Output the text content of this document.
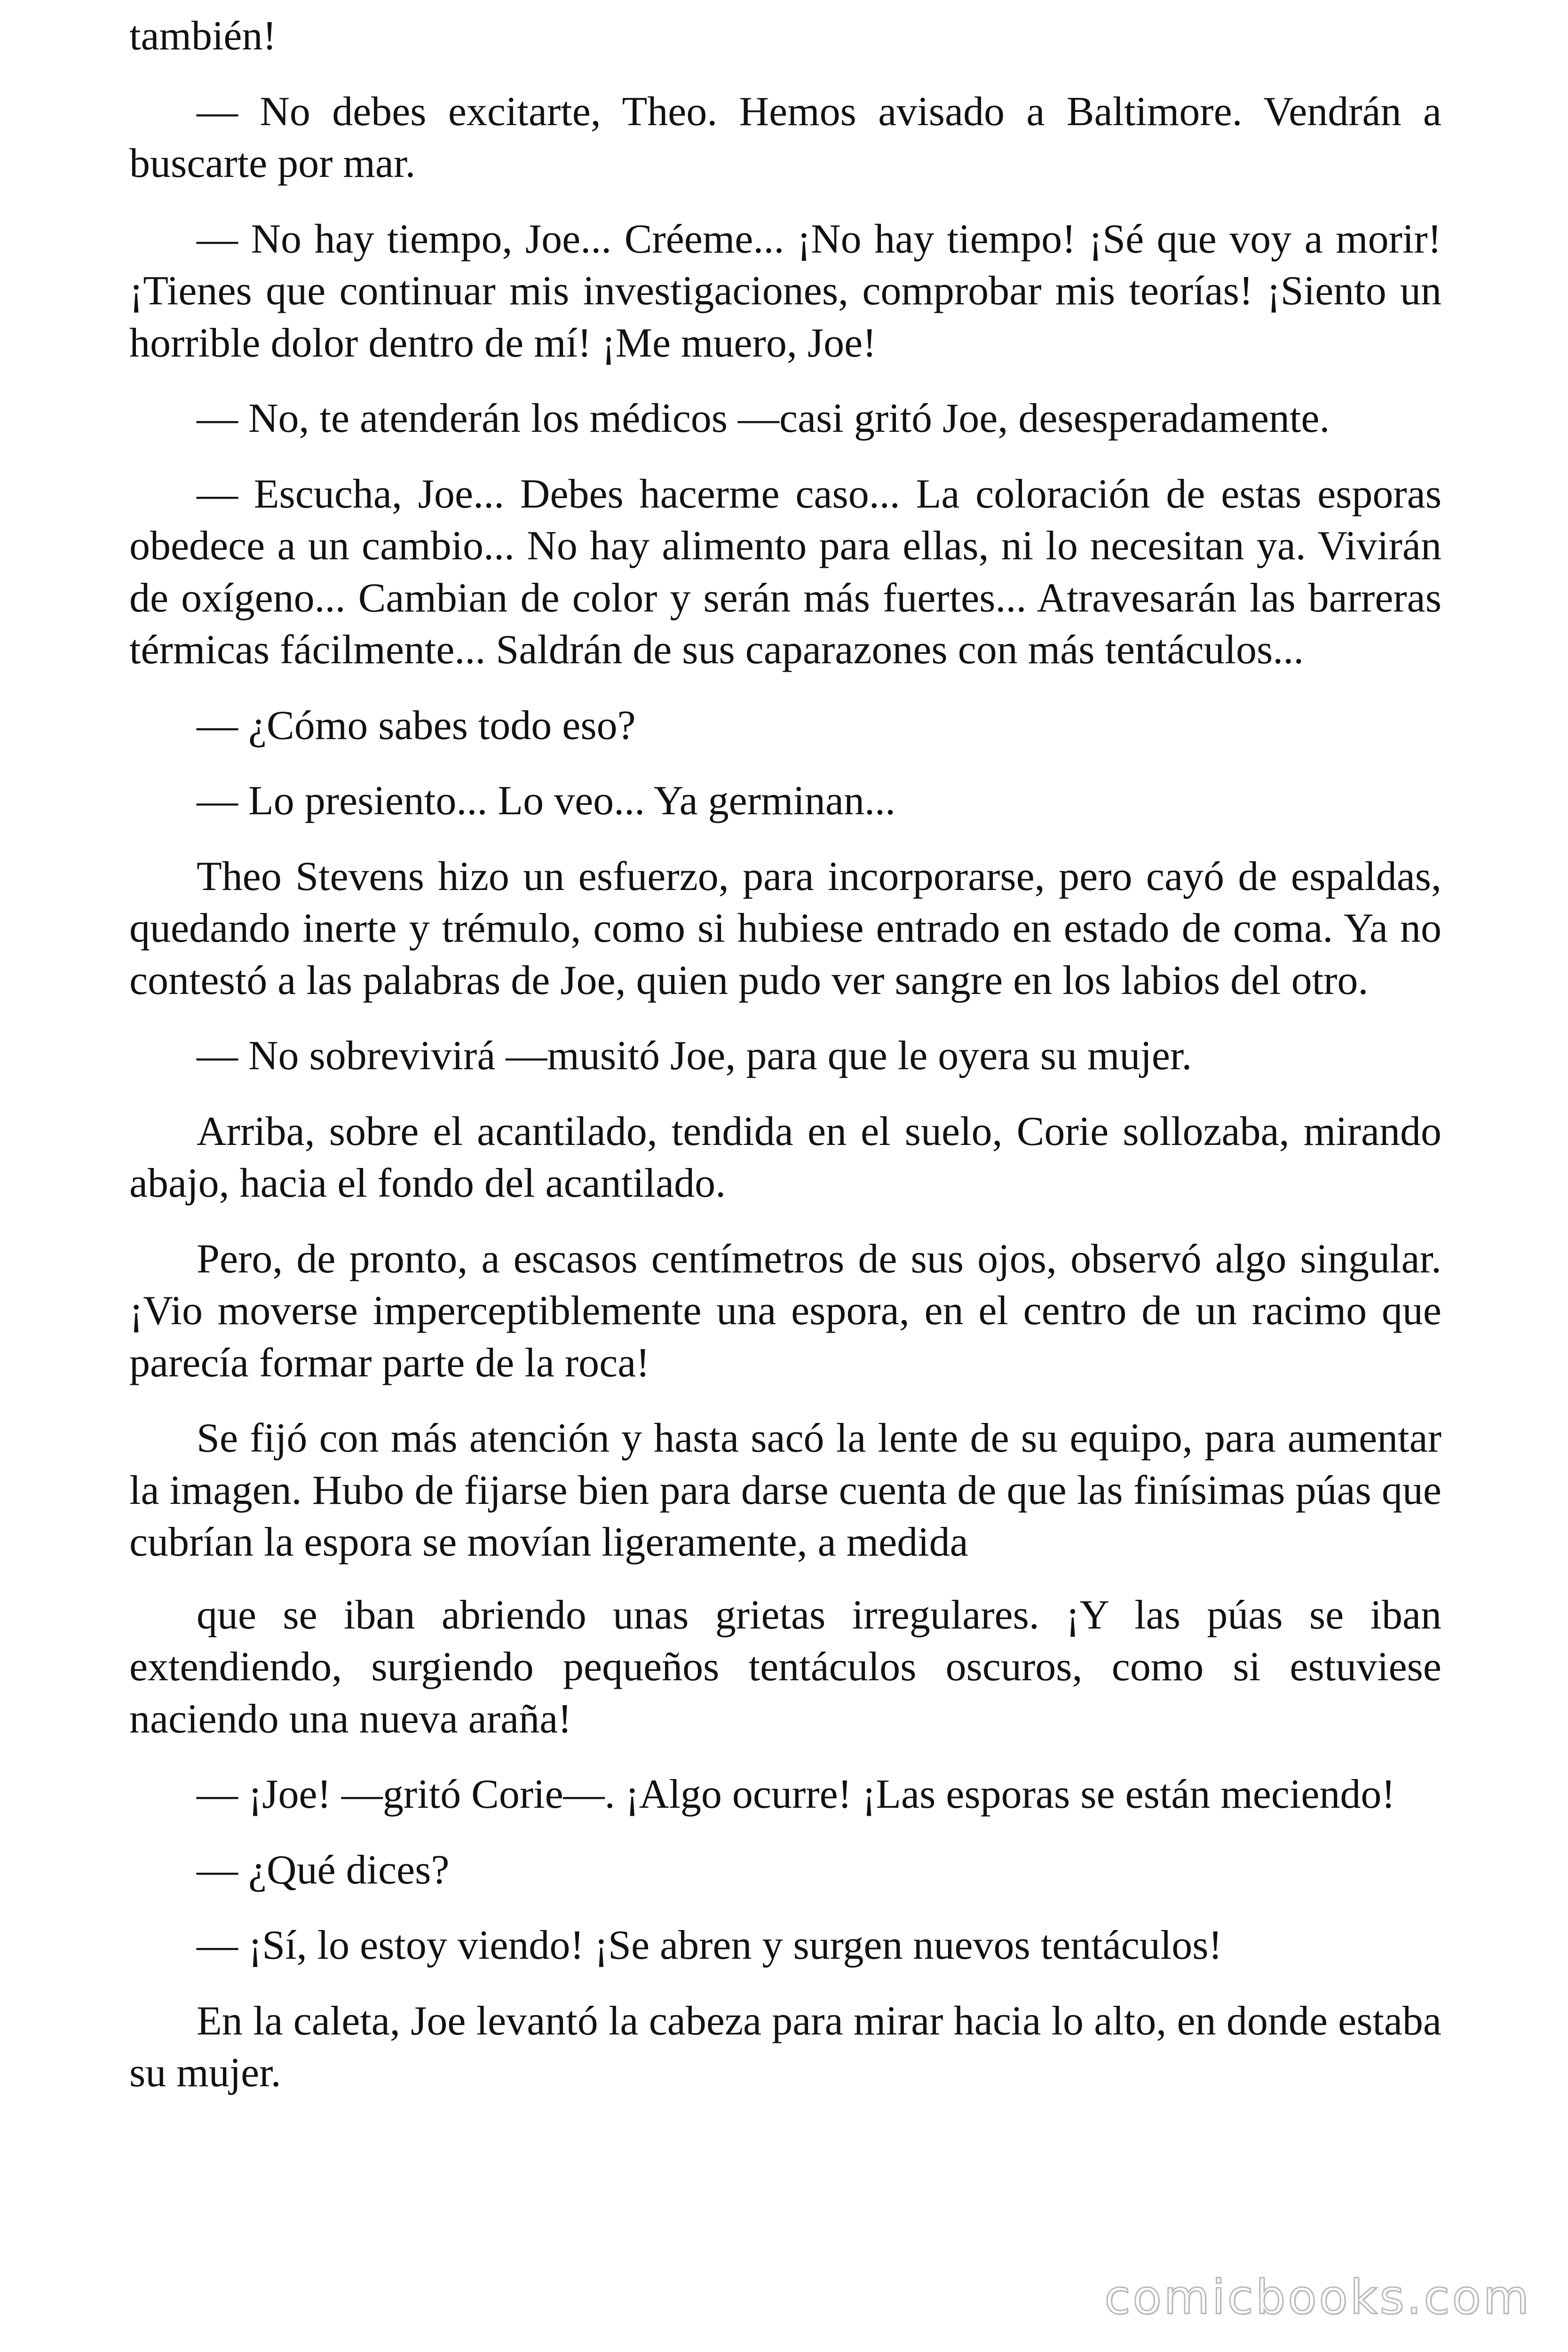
también!

— No debes excitarte, Theo. Hemos avisado a Baltimore. Vendrán a buscarte por mar.

— No hay tiempo, Joe... Créeme... ¡No hay tiempo! ¡Sé que voy a morir! ¡Tienes que continuar mis investigaciones, comprobar mis teorías! ¡Siento un horrible dolor dentro de mí! ¡Me muero, Joe!

— No, te atenderán los médicos —casi gritó Joe, desesperadamente.

— Escucha, Joe... Debes hacerme caso... La coloración de estas esporas obedece a un cambio... No hay alimento para ellas, ni lo necesitan ya. Vivirán de oxígeno... Cambian de color y serán más fuertes... Atravesarán las barreras térmicas fácilmente... Saldrán de sus caparazones con más tentáculos...

— ¿Cómo sabes todo eso?

— Lo presiento... Lo veo... Ya germinan...

Theo Stevens hizo un esfuerzo, para incorporarse, pero cayó de espaldas, quedando inerte y trémulo, como si hubiese entrado en estado de coma. Ya no contestó a las palabras de Joe, quien pudo ver sangre en los labios del otro.

— No sobrevivirá —musitó Joe, para que le oyera su mujer.

Arriba, sobre el acantilado, tendida en el suelo, Corie sollozaba, mirando abajo, hacia el fondo del acantilado.

Pero, de pronto, a escasos centímetros de sus ojos, observó algo singular. ¡Vio moverse imperceptiblemente una espora, en el centro de un racimo que parecía formar parte de la roca!

Se fijó con más atención y hasta sacó la lente de su equipo, para aumentar la imagen. Hubo de fijarse bien para darse cuenta de que las finísimas púas que cubrían la espora se movían ligeramente, a medida

que se iban abriendo unas grietas irregulares. ¡Y las púas se iban extendiendo, surgiendo pequeños tentáculos oscuros, como si estuviese naciendo una nueva araña!

— ¡Joe! —gritó Corie—. ¡Algo ocurre! ¡Las esporas se están meciendo!

— ¿Qué dices?

— ¡Sí, lo estoy viendo! ¡Se abren y surgen nuevos tentáculos!

En la caleta, Joe levantó la cabeza para mirar hacia lo alto, en donde estaba su mujer.

comicbooks.com
